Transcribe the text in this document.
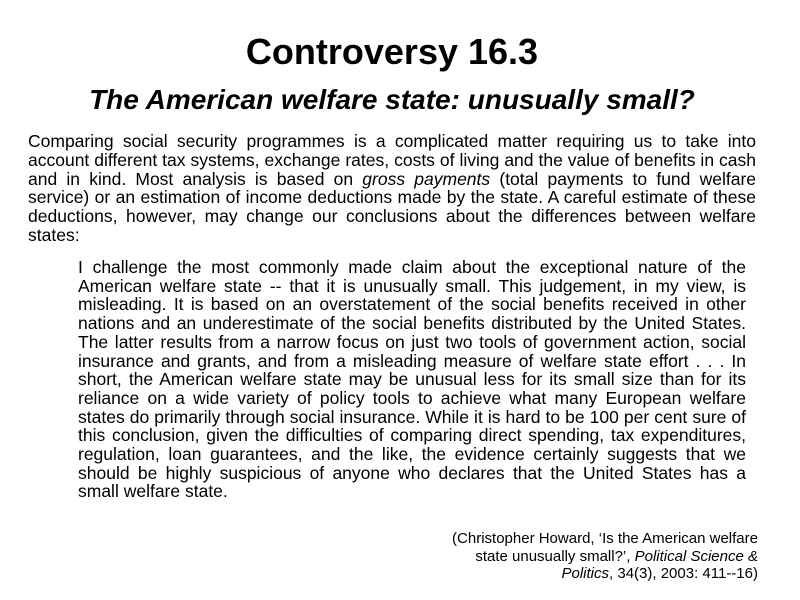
Controversy 16.3
The American welfare state: unusually small?

Comparing social security programmes is a complicated matter requiring us to take into account different tax systems, exchange rates, costs of living and the value of benefits in cash and in kind. Most analysis is based on gross payments (total payments to fund welfare service) or an estimation of income deductions made by the state. A careful estimate of these deductions, however, may change our conclusions about the differences between welfare states:

I challenge the most commonly made claim about the exceptional nature of the American welfare state -- that it is unusually small. This judgement, in my view, is misleading. It is based on an overstatement of the social benefits received in other nations and an underestimate of the social benefits distributed by the United States. The latter results from a narrow focus on just two tools of government action, social insurance and grants, and from a misleading measure of welfare state effort . . . In short, the American welfare state may be unusual less for its small size than for its reliance on a wide variety of policy tools to achieve what many European welfare states do primarily through social insurance. While it is hard to be 100 per cent sure of this conclusion, given the difficulties of comparing direct spending, tax expenditures, regulation, loan guarantees, and the like, the evidence certainly suggests that we should be highly suspicious of anyone who declares that the United States has a small welfare state.

(Christopher Howard, ‘Is the American welfare state unusually small?’, Political Science & Politics, 34(3), 2003: 411--16)
